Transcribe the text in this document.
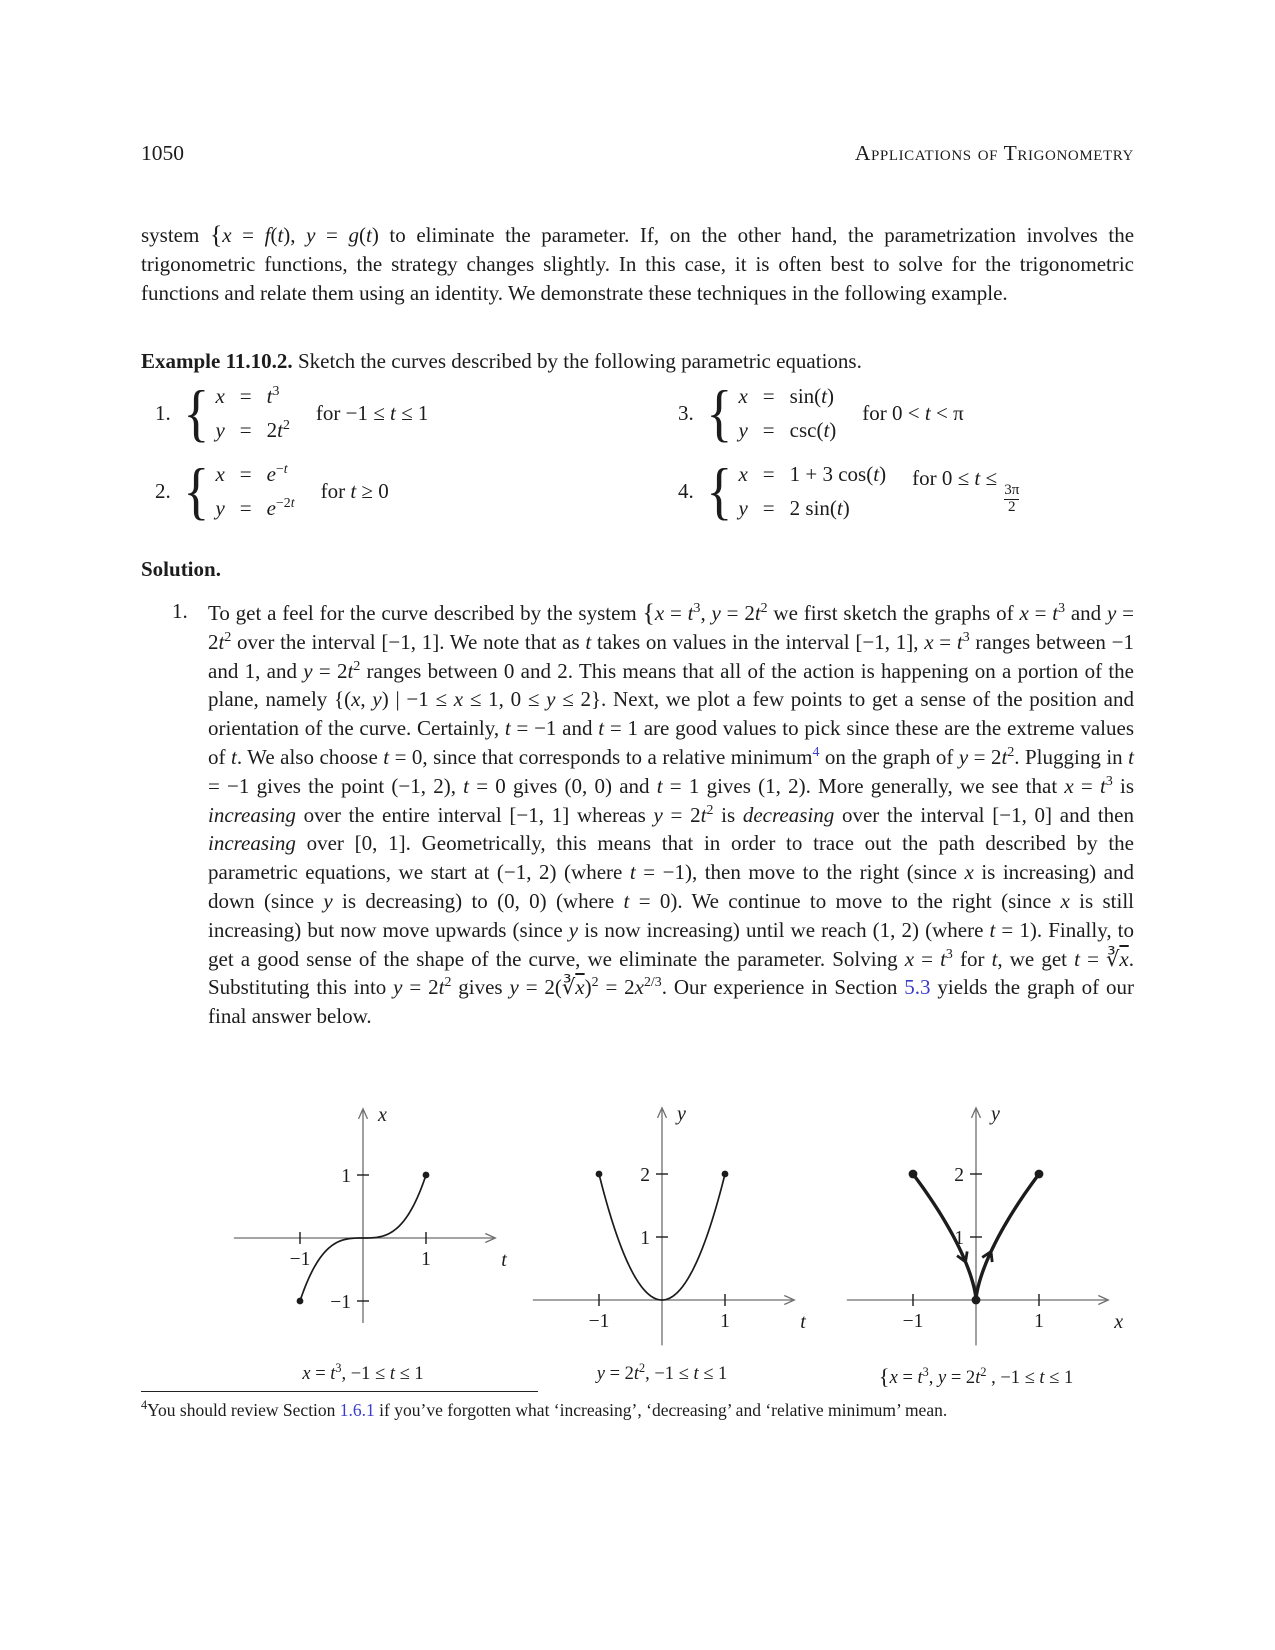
1050	Applications of Trigonometry
system {x = f(t), y = g(t) to eliminate the parameter. If, on the other hand, the parametrization involves the trigonometric functions, the strategy changes slightly. In this case, it is often best to solve for the trigonometric functions and relate them using an identity. We demonstrate these techniques in the following example.
Example 11.10.2. Sketch the curves described by the following parametric equations.
1. { $x = t^3$
$y = 2t^2$ for −1 ≤ t ≤ 1
2. { $x = e^{-t}$
$y = e^{-2t}$ for t ≥ 0
3. { x = sin(t)
y = csc(t)
for 0 < t < π
4. { x = 1 + 3 cos(t)
y = 2 sin(t)
for 0 ≤ t ≤
$\frac{3\pi}{2}$
Solution.
1. To get a feel for the curve described by the system {$x = t^3$, $y = 2t^2$ we first sketch the graphs of $x = t^3$ and $y = 2t^2$ over the interval [−1, 1]. We note that as t takes on values in the interval [−1, 1], $x = t^3$ ranges between −1 and 1, and $y = 2t^2$ ranges between 0 and 2. This means that all of the action is happening on a portion of the plane, namely {(x, y) | −1 ≤ x ≤ 1, 0 ≤ y ≤ 2}. Next, we plot a few points to get a sense of the position and orientation of the curve. Certainly, t = −1 and t = 1 are good values to pick since these are the extreme values of t. We also choose t = 0, since that corresponds to a relative minimum$^4$ on the graph of $y = 2t^2$. Plugging in t = −1 gives the point (−1, 2), t = 0 gives (0, 0) and t = 1 gives (1, 2). More generally, we see that $x = t^3$ is increasing over the entire interval [−1, 1] whereas $y = 2t^2$ is decreasing over the interval [−1, 0] and then increasing over [0, 1]. Geometrically, this means that in order to trace out the path described by the parametric equations, we start at (−1, 2) (where t = −1), then move to the right (since x is increasing) and down (since y is decreasing) to (0, 0) (where t = 0). We continue to move to the right (since x is still increasing) but now move upwards (since y is now increasing) until we reach (1, 2) (where t = 1). Finally, to get a good sense of the shape of the curve, we eliminate the parameter. Solving $x = t^3$ for t, we get $t = ∛\overline{x}$. Substituting this into $y = 2t^2$ gives $y = 2(∛\overline{x})^2 = 2x^{2/3}$. Our experience in Section 5.3 yields the graph of our final answer below.
−1	1
1
−1
x
t
−1	1
1
2
y
t	−1	1
1
2
y
x
$x = t^3$, −1 ≤ t ≤ 1	$y = 2t^2$, −1 ≤ t ≤ 1	{$x = t^3$, $y = 2t^2$ , −1 ≤ t ≤ 1
$^4$You should review Section 1.6.1 if you’ve forgotten what ‘increasing’, ‘decreasing’ and ‘relative minimum’ mean.
